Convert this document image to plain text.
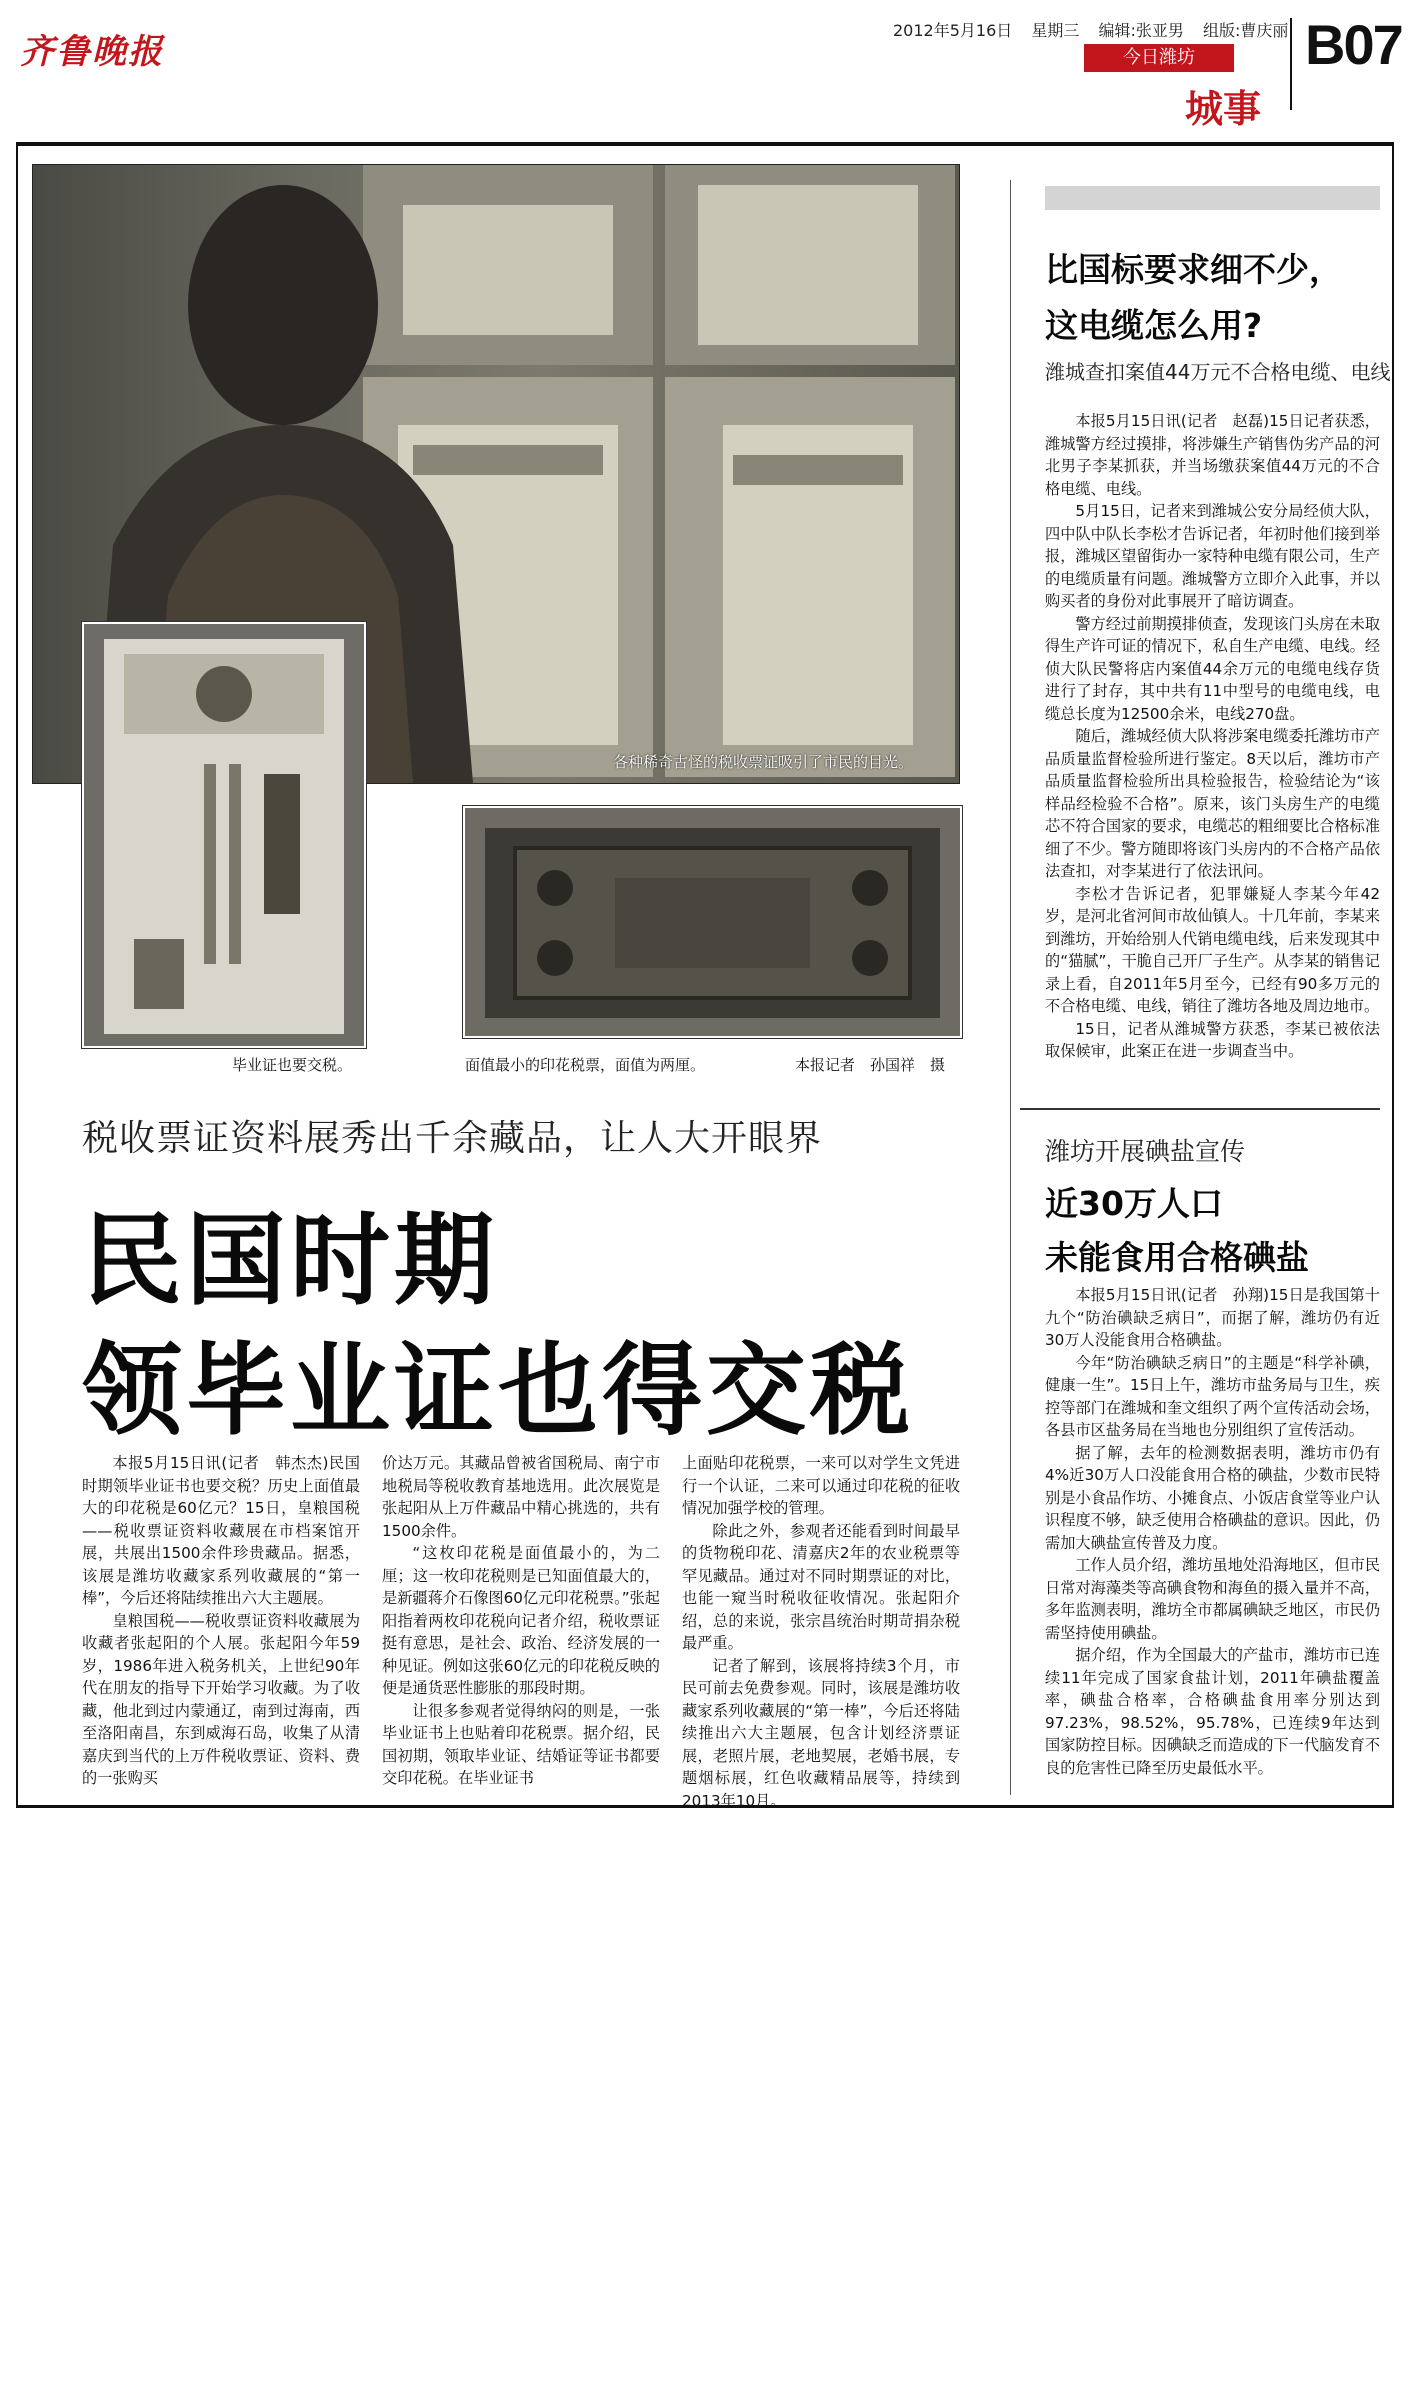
齐鲁晚报
2012年5月16日 星期三 编辑:张亚男 组版:曹庆丽
今日潍坊
城事
B07
各种稀奇古怪的税收票证吸引了市民的目光。
毕业证也要交税。	面值最小的印花税票，面值为两厘。	本报记者　孙国祥　摄
税收票证资料展秀出千余藏品，让人大开眼界
民国时期
领毕业证也得交税

本报5月15日讯(记者　韩杰杰)民国时期领毕业证书也要交税？历史上面值最大的印花税是60亿元？15日，皇粮国税——税收票证资料收藏展在市档案馆开展，共展出1500余件珍贵藏品。据悉，该展是潍坊收藏家系列收藏展的“第一棒”，今后还将陆续推出六大主题展。

皇粮国税——税收票证资料收藏展为收藏者张起阳的个人展。张起阳今年59岁，1986年进入税务机关，上世纪90年代在朋友的指导下开始学习收藏。为了收藏，他北到过内蒙通辽，南到过海南，西至洛阳南昌，东到威海石岛，收集了从清嘉庆到当代的上万件税收票证、资料、费的一张购买

价达万元。其藏品曾被省国税局、南宁市地税局等税收教育基地选用。此次展览是张起阳从上万件藏品中精心挑选的，共有1500余件。

“这枚印花税是面值最小的，为二厘；这一枚印花税则是已知面值最大的，是新疆蒋介石像图60亿元印花税票。”张起阳指着两枚印花税向记者介绍，税收票证挺有意思，是社会、政治、经济发展的一种见证。例如这张60亿元的印花税反映的便是通货恶性膨胀的那段时期。

让很多参观者觉得纳闷的则是，一张毕业证书上也贴着印花税票。据介绍，民国初期，领取毕业证、结婚证等证书都要交印花税。在毕业证书

上面贴印花税票，一来可以对学生文凭进行一个认证，二来可以通过印花税的征收情况加强学校的管理。

除此之外，参观者还能看到时间最早的货物税印花、清嘉庆2年的农业税票等罕见藏品。通过对不同时期票证的对比，也能一窥当时税收征收情况。张起阳介绍，总的来说，张宗昌统治时期苛捐杂税最严重。

记者了解到，该展将持续3个月，市民可前去免费参观。同时，该展是潍坊收藏家系列收藏展的“第一棒”，今后还将陆续推出六大主题展，包含计划经济票证展，老照片展，老地契展，老婚书展，专题烟标展，红色收藏精品展等，持续到2013年10月。

比国标要求细不少，
这电缆怎么用?
潍城查扣案值44万元不合格电缆、电线

本报5月15日讯(记者　赵磊)15日记者获悉，潍城警方经过摸排，将涉嫌生产销售伪劣产品的河北男子李某抓获，并当场缴获案值44万元的不合格电缆、电线。

5月15日，记者来到潍城公安分局经侦大队，四中队中队长李松才告诉记者，年初时他们接到举报，潍城区望留街办一家特种电缆有限公司，生产的电缆质量有问题。潍城警方立即介入此事，并以购买者的身份对此事展开了暗访调查。

警方经过前期摸排侦查，发现该门头房在未取得生产许可证的情况下，私自生产电缆、电线。经侦大队民警将店内案值44余万元的电缆电线存货进行了封存，其中共有11中型号的电缆电线，电缆总长度为12500余米，电线270盘。

随后，潍城经侦大队将涉案电缆委托潍坊市产品质量监督检验所进行鉴定。8天以后，潍坊市产品质量监督检验所出具检验报告，检验结论为“该样品经检验不合格”。原来，该门头房生产的电缆芯不符合国家的要求，电缆芯的粗细要比合格标准细了不少。警方随即将该门头房内的不合格产品依法查扣，对李某进行了依法讯问。

李松才告诉记者，犯罪嫌疑人李某今年42岁，是河北省河间市故仙镇人。十几年前，李某来到潍坊，开始给别人代销电缆电线，后来发现其中的“猫腻”，干脆自己开厂子生产。从李某的销售记录上看，自2011年5月至今，已经有90多万元的不合格电缆、电线，销往了潍坊各地及周边地市。

15日，记者从潍城警方获悉，李某已被依法取保候审，此案正在进一步调查当中。

潍坊开展碘盐宣传
近30万人口
未能食用合格碘盐

本报5月15日讯(记者　孙翔)15日是我国第十九个“防治碘缺乏病日”，而据了解，潍坊仍有近30万人没能食用合格碘盐。

今年“防治碘缺乏病日”的主题是“科学补碘，健康一生”。15日上午，潍坊市盐务局与卫生，疾控等部门在潍城和奎文组织了两个宣传活动会场，各县市区盐务局在当地也分别组织了宣传活动。

据了解，去年的检测数据表明，潍坊市仍有4%近30万人口没能食用合格的碘盐，少数市民特别是小食品作坊、小摊食点、小饭店食堂等业户认识程度不够，缺乏使用合格碘盐的意识。因此，仍需加大碘盐宣传普及力度。

工作人员介绍，潍坊虽地处沿海地区，但市民日常对海藻类等高碘食物和海鱼的摄入量并不高，多年监测表明，潍坊全市都属碘缺乏地区，市民仍需坚持使用碘盐。

据介绍，作为全国最大的产盐市，潍坊市已连续11年完成了国家食盐计划，2011年碘盐覆盖率，碘盐合格率，合格碘盐食用率分别达到97.23%，98.52%，95.78%，已连续9年达到国家防控目标。因碘缺乏而造成的下一代脑发育不良的危害性已降至历史最低水平。
